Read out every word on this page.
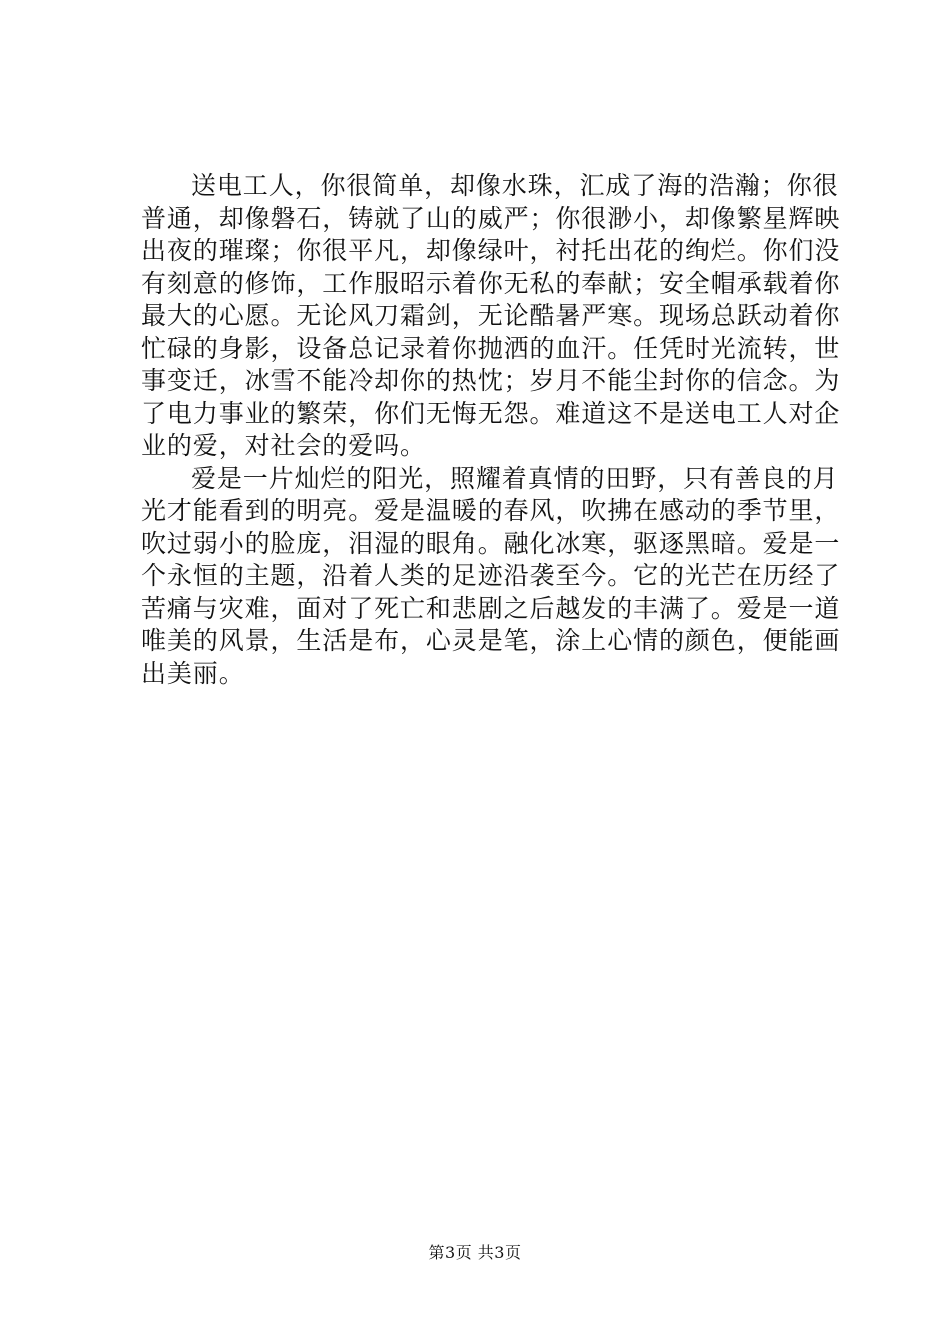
送电工人，你很简单，却像水珠，汇成了海的浩瀚；你很
普通，却像磐石，铸就了山的威严；你很渺小，却像繁星辉映
出夜的璀璨；你很平凡，却像绿叶，衬托出花的绚烂。你们没
有刻意的修饰，工作服昭示着你无私的奉献；安全帽承载着你
最大的心愿。无论风刀霜剑，无论酷暑严寒。现场总跃动着你
忙碌的身影，设备总记录着你抛洒的血汗。任凭时光流转，世
事变迁，冰雪不能冷却你的热忱；岁月不能尘封你的信念。为
了电力事业的繁荣，你们无悔无怨。难道这不是送电工人对企
业的爱，对社会的爱吗。
爱是一片灿烂的阳光，照耀着真情的田野，只有善良的月
光才能看到的明亮。爱是温暖的春风，吹拂在感动的季节里，
吹过弱小的脸庞，泪湿的眼角。融化冰寒，驱逐黑暗。爱是一
个永恒的主题，沿着人类的足迹沿袭至今。它的光芒在历经了
苦痛与灾难，面对了死亡和悲剧之后越发的丰满了。爱是一道
唯美的风景，生活是布，心灵是笔，涂上心情的颜色，便能画
出美丽。
第3页 共3页
